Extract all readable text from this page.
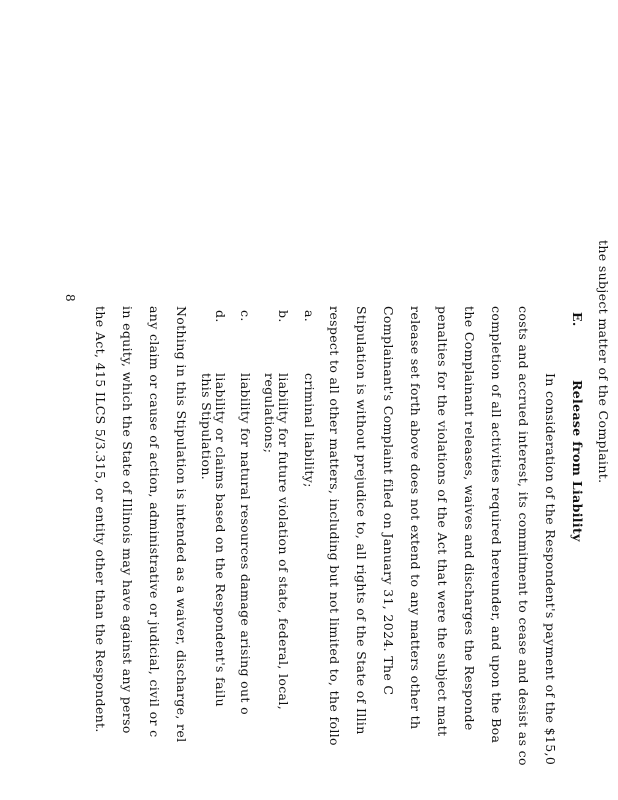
the subject matter of the Complaint.
E.
Release from Liability
In consideration of the Respondent's payment of the $15,0
costs and accrued interest, its commitment to cease and desist as co
completion of all activities required hereunder, and upon the Boa
the Complainant releases, waives and discharges the Responde
penalties for the violations of the Act that were the subject matt
release set forth above does not extend to any matters other th
Complainant's Complaint filed on January 31, 2024. The C
Stipulation is without prejudice to, all rights of the State of Illin
respect to all other matters, including but not limited to, the follo
a.
criminal liability;
b.
liability for future violation of state, federal, local,
regulations;
c.
liability for natural resources damage arising out o
d.
liability or claims based on the Respondent's failu
this Stipulation.
Nothing in this Stipulation is intended as a waiver, discharge, rel
any claim or cause of action, administrative or judicial, civil or c
in equity, which the State of Illinois may have against any perso
the Act, 415 ILCS 5/3.315, or entity other than the Respondent.
8
